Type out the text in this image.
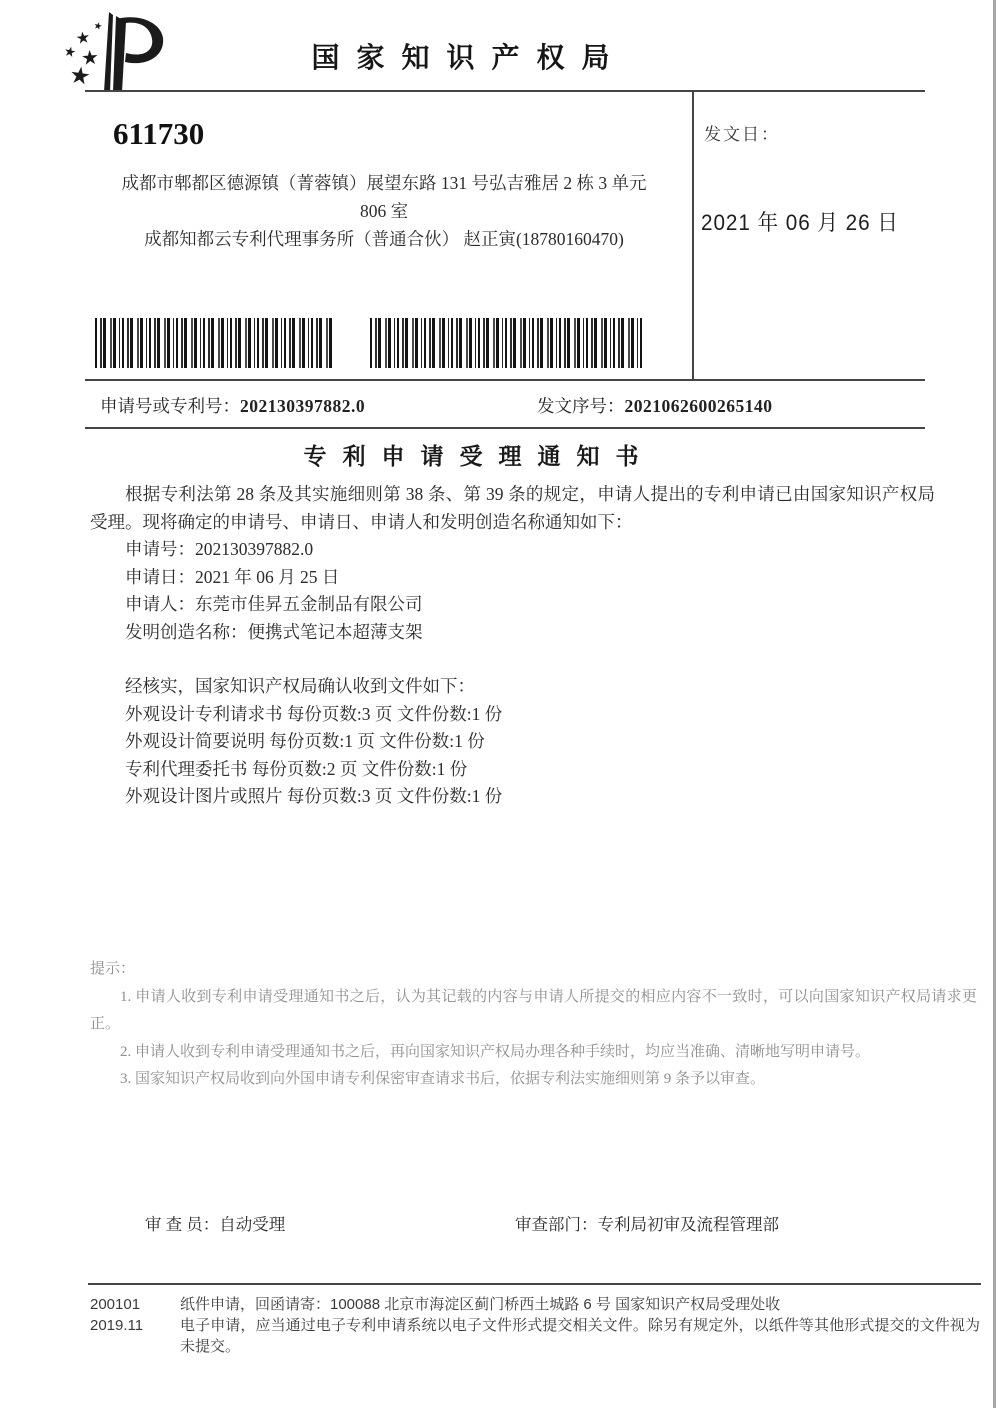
国家知识产权局
611730
成都市郫都区德源镇（菁蓉镇）展望东路 131 号弘吉雅居 2 栋 3 单元
806 室
成都知都云专利代理事务所（普通合伙） 赵正寅(18780160470)
发文日：
2021 年 06 月 26 日
申请号或专利号：202130397882.0	发文序号：2021062600265140
专利申请受理通知书

根据专利法第 28 条及其实施细则第 38 条、第 39 条的规定，申请人提出的专利申请已由国家知识产权局受理。现将确定的申请号、申请日、申请人和发明创造名称通知如下：

申请号：202130397882.0

申请日：2021 年 06 月 25 日

申请人：东莞市佳昇五金制品有限公司

发明创造名称：便携式笔记本超薄支架

经核实，国家知识产权局确认收到文件如下：

外观设计专利请求书 每份页数:3 页 文件份数:1 份

外观设计简要说明 每份页数:1 页 文件份数:1 份

专利代理委托书 每份页数:2 页 文件份数:1 份

外观设计图片或照片 每份页数:3 页 文件份数:1 份

提示：

1. 申请人收到专利申请受理通知书之后，认为其记载的内容与申请人所提交的相应内容不一致时，可以向国家知识产权局请求更正。

2. 申请人收到专利申请受理通知书之后，再向国家知识产权局办理各种手续时，均应当准确、清晰地写明申请号。

3. 国家知识产权局收到向外国申请专利保密审查请求书后，依据专利法实施细则第 9 条予以审查。

审 查 员：自动受理	审查部门：专利局初审及流程管理部

200101

2019.11

纸件申请，回函请寄：100088 北京市海淀区蓟门桥西土城路 6 号 国家知识产权局受理处收

电子申请，应当通过电子专利申请系统以电子文件形式提交相关文件。除另有规定外，以纸件等其他形式提交的文件视为未提交。
